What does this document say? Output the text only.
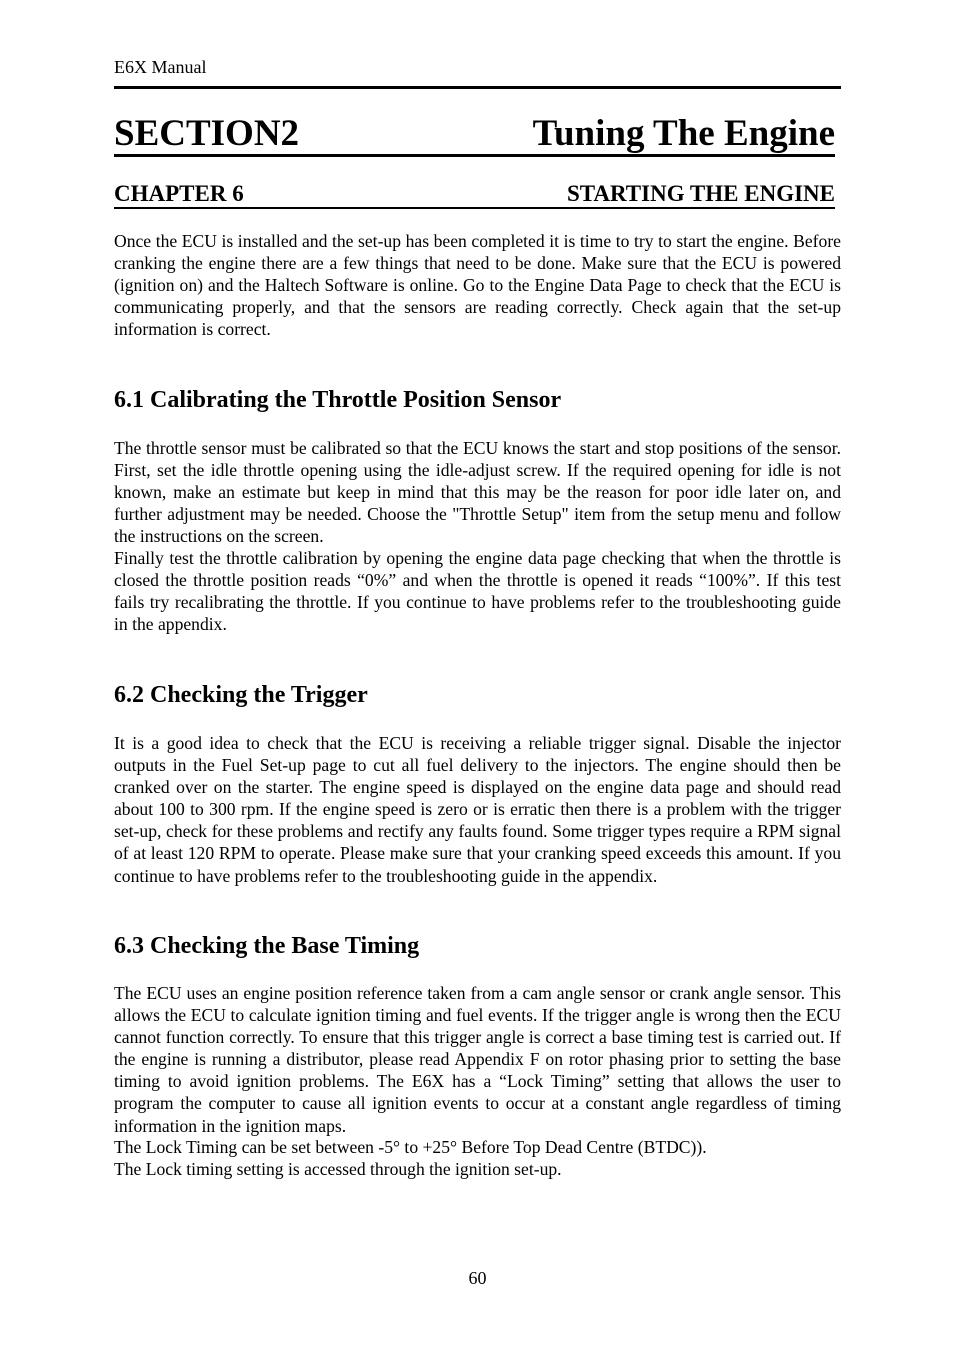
E6X Manual
SECTION2	Tuning The Engine
CHAPTER 6	STARTING THE ENGINE

Once the ECU is installed and the set-up has been completed it is time to try to start the engine. Before cranking the engine there are a few things that need to be done. Make sure that the ECU is powered (ignition on) and the Haltech Software is online. Go to the Engine Data Page to check that the ECU is communicating properly, and that the sensors are reading correctly. Check again that the set-up information is correct.

6.1 Calibrating the Throttle Position Sensor

The throttle sensor must be calibrated so that the ECU knows the start and stop positions of the sensor. First, set the idle throttle opening using the idle-adjust screw. If the required opening for idle is not known, make an estimate but keep in mind that this may be the reason for poor idle later on, and further adjustment may be needed. Choose the "Throttle Setup" item from the setup menu and follow the instructions on the screen.

Finally test the throttle calibration by opening the engine data page checking that when the throttle is closed the throttle position reads “0%” and when the throttle is opened it reads “100%”. If this test fails try recalibrating the throttle. If you continue to have problems refer to the troubleshooting guide in the appendix.

6.2 Checking the Trigger

It is a good idea to check that the ECU is receiving a reliable trigger signal. Disable the injector outputs in the Fuel Set-up page to cut all fuel delivery to the injectors. The engine should then be cranked over on the starter. The engine speed is displayed on the engine data page and should read about 100 to 300 rpm. If the engine speed is zero or is erratic then there is a problem with the trigger set-up, check for these problems and rectify any faults found. Some trigger types require a RPM signal of at least 120 RPM to operate. Please make sure that your cranking speed exceeds this amount. If you continue to have problems refer to the troubleshooting guide in the appendix.

6.3 Checking the Base Timing

The ECU uses an engine position reference taken from a cam angle sensor or crank angle sensor. This allows the ECU to calculate ignition timing and fuel events. If the trigger angle is wrong then the ECU cannot function correctly. To ensure that this trigger angle is correct a base timing test is carried out. If the engine is running a distributor, please read Appendix F on rotor phasing prior to setting the base timing to avoid ignition problems. The E6X has a “Lock Timing” setting that allows the user to program the computer to cause all ignition events to occur at a constant angle regardless of timing information in the ignition maps.

The Lock Timing can be set between -5° to +25° Before Top Dead Centre (BTDC)).

The Lock timing setting is accessed through the ignition set-up.

60
